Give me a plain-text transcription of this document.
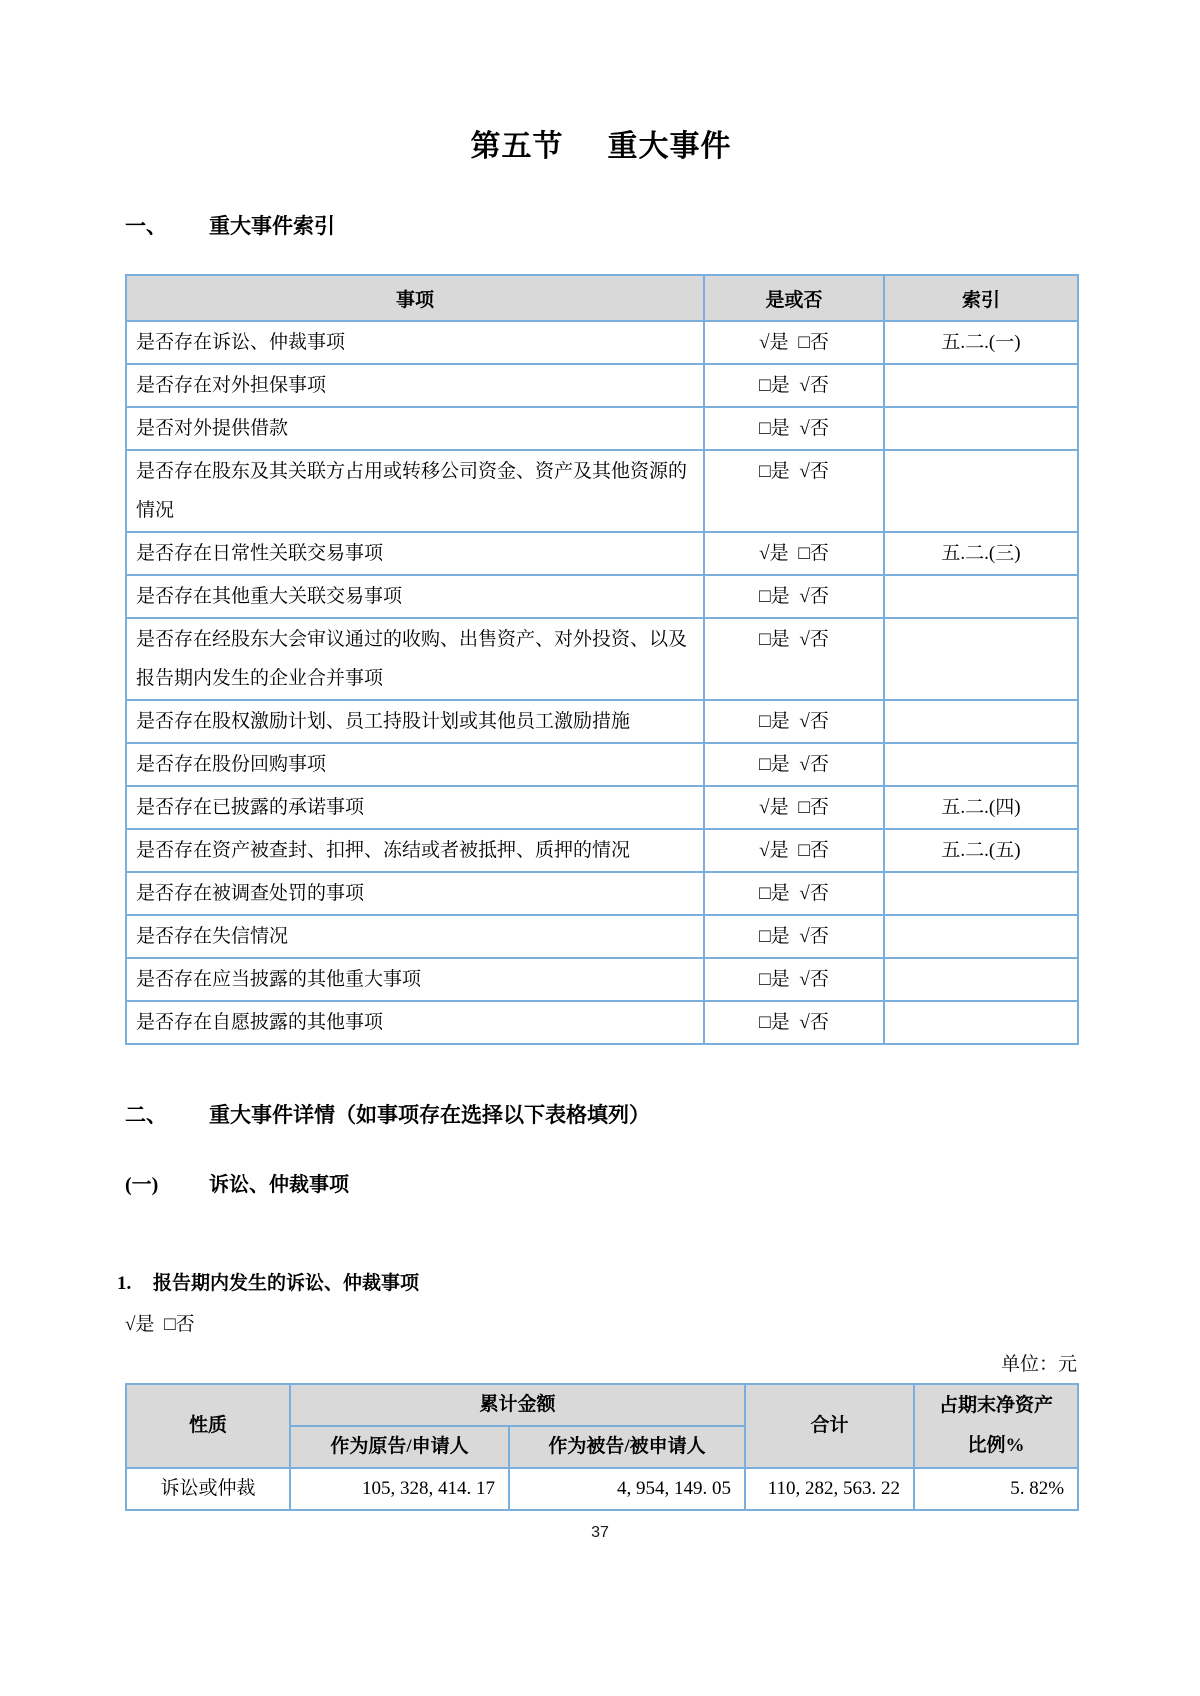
第五节 重大事件
一、 重大事件索引
事项	是或否	索引
是否存在诉讼、仲裁事项	√是 □否	五.二.(一)
是否存在对外担保事项	□是 √否	
是否对外提供借款	□是 √否	
是否存在股东及其关联方占用或转移公司资金、资产及其他资源的情况	□是 √否	
是否存在日常性关联交易事项	√是 □否	五.二.(三)
是否存在其他重大关联交易事项	□是 √否	
是否存在经股东大会审议通过的收购、出售资产、对外投资、以及报告期内发生的企业合并事项	□是 √否	
是否存在股权激励计划、员工持股计划或其他员工激励措施	□是 √否	
是否存在股份回购事项	□是 √否	
是否存在已披露的承诺事项	√是 □否	五.二.(四)
是否存在资产被查封、扣押、冻结或者被抵押、质押的情况	√是 □否	五.二.(五)
是否存在被调查处罚的事项	□是 √否	
是否存在失信情况	□是 √否	
是否存在应当披露的其他重大事项	□是 √否	
是否存在自愿披露的其他事项	□是 √否	
二、 重大事件详情（如事项存在选择以下表格填列）
(一)	诉讼、仲裁事项
1. 报告期内发生的诉讼、仲裁事项
√是 □否
单位：元
性质	累计金额		合计	占期末净资产比例%
	作为原告/申请人	作为被告/被申请人		
诉讼或仲裁	105, 328, 414. 17	4, 954, 149. 05	110, 282, 563. 22	5. 82%
37
